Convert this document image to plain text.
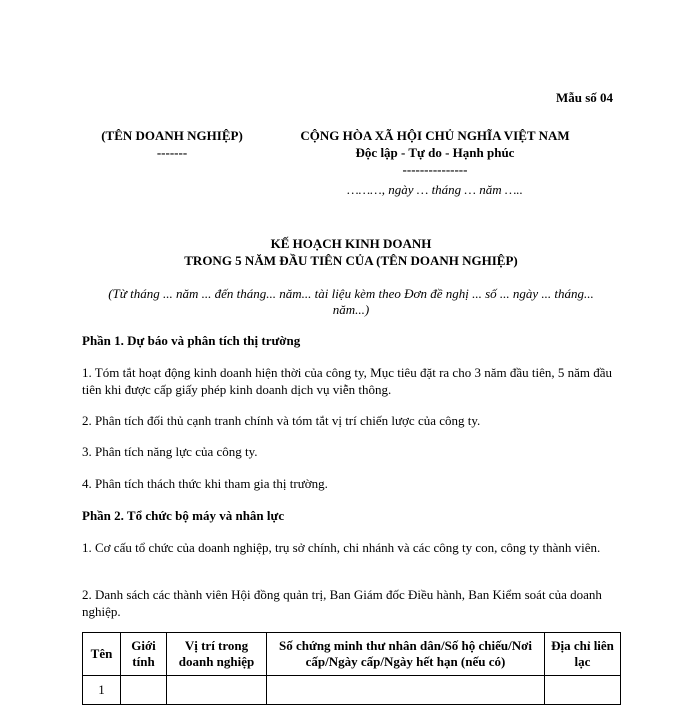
Mẫu số 04
(TÊN DOANH NGHIỆP)
-------
CỘNG HÒA XÃ HỘI CHỦ NGHĨA VIỆT NAM
Độc lập - Tự do - Hạnh phúc
---------------
………, ngày … tháng … năm …..
KẾ HOẠCH KINH DOANH
TRONG 5 NĂM ĐẦU TIÊN CỦA (TÊN DOANH NGHIỆP)
(Từ tháng ... năm ... đến tháng... năm... tài liệu kèm theo Đơn đề nghị ... số ... ngày ... tháng...
năm...)
Phần 1. Dự báo và phân tích thị trường
1. Tóm tắt hoạt động kinh doanh hiện thời của công ty, Mục tiêu đặt ra cho 3 năm đầu tiên, 5 năm đầu tiên khi được cấp giấy phép kinh doanh dịch vụ viễn thông.
2. Phân tích đối thủ cạnh tranh chính và tóm tắt vị trí chiến lược của công ty.
3. Phân tích năng lực của công ty.
4. Phân tích thách thức khi tham gia thị trường.
Phần 2. Tổ chức bộ máy và nhân lực
1. Cơ cấu tổ chức của doanh nghiệp, trụ sở chính, chi nhánh và các công ty con, công ty thành viên.
2. Danh sách các thành viên Hội đồng quản trị, Ban Giám đốc Điều hành, Ban Kiểm soát của doanh nghiệp.
Tên	Giới tính	Vị trí trong doanh nghiệp	Số chứng minh thư nhân dân/Số hộ chiếu/Nơi cấp/Ngày cấp/Ngày hết hạn (nếu có)	Địa chỉ liên lạc
1				
